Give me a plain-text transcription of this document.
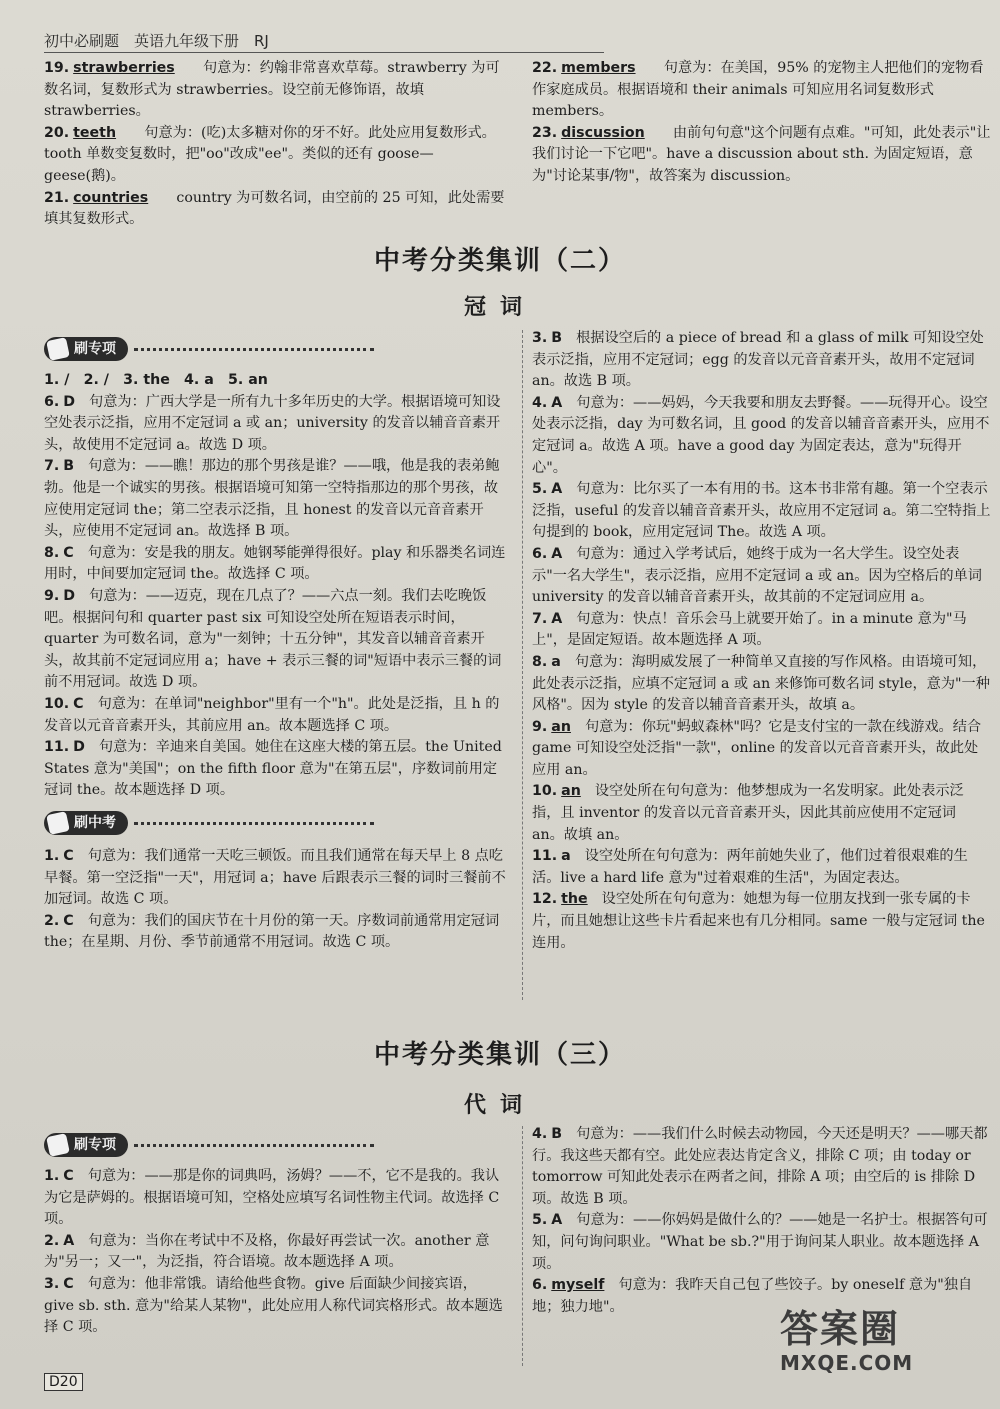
初中必刷题　英语九年级下册　RJ

19. strawberries　句意为：约翰非常喜欢草莓。strawberry 为可数名词，复数形式为 strawberries。设空前无修饰语，故填 strawberries。

20. teeth　句意为：(吃)太多糖对你的牙不好。此处应用复数形式。tooth 单数变复数时，把"oo"改成"ee"。类似的还有 goose—geese(鹅)。

21. countries　country 为可数名词，由空前的 25 可知，此处需要填其复数形式。

22. members　句意为：在美国，95% 的宠物主人把他们的宠物看作家庭成员。根据语境和 their animals 可知应用名词复数形式 members。

23. discussion　由前句句意"这个问题有点难。"可知，此处表示"让我们讨论一下它吧"。have a discussion about sth. 为固定短语，意为"讨论某事/物"，故答案为 discussion。

中考分类集训（二）
冠词
刷专项

1. /　2. /　3. the　4. a　5. an

6. D 句意为：广西大学是一所有九十多年历史的大学。根据语境可知设空处表示泛指，应用不定冠词 a 或 an；university 的发音以辅音音素开头，故使用不定冠词 a。故选 D 项。

7. B 句意为：——瞧！那边的那个男孩是谁？——哦，他是我的表弟鲍勃。他是一个诚实的男孩。根据语境可知第一空特指那边的那个男孩，故应使用定冠词 the；第二空表示泛指，且 honest 的发音以元音音素开头，应使用不定冠词 an。故选择 B 项。

8. C 句意为：安是我的朋友。她钢琴能弹得很好。play 和乐器类名词连用时，中间要加定冠词 the。故选择 C 项。

9. D 句意为：——迈克，现在几点了？——六点一刻。我们去吃晚饭吧。根据问句和 quarter past six 可知设空处所在短语表示时间，quarter 为可数名词，意为"一刻钟；十五分钟"，其发音以辅音音素开头，故其前不定冠词应用 a；have + 表示三餐的词"短语中表示三餐的词前不用冠词。故选 D 项。

10. C 句意为：在单词"neighbor"里有一个"h"。此处是泛指，且 h 的发音以元音音素开头，其前应用 an。故本题选择 C 项。

11. D 句意为：辛迪来自美国。她住在这座大楼的第五层。the United States 意为"美国"；on the fifth floor 意为"在第五层"，序数词前用定冠词 the。故本题选择 D 项。

刷中考

1. C 句意为：我们通常一天吃三顿饭。而且我们通常在每天早上 8 点吃早餐。第一空泛指"一天"，用冠词 a；have 后跟表示三餐的词时三餐前不加冠词。故选 C 项。

2. C 句意为：我们的国庆节在十月份的第一天。序数词前通常用定冠词 the；在星期、月份、季节前通常不用冠词。故选 C 项。

3. B 根据设空后的 a piece of bread 和 a glass of milk 可知设空处表示泛指，应用不定冠词；egg 的发音以元音音素开头，故用不定冠词 an。故选 B 项。

4. A 句意为：——妈妈，今天我要和朋友去野餐。——玩得开心。设空处表示泛指，day 为可数名词，且 good 的发音以辅音音素开头，应用不定冠词 a。故选 A 项。have a good day 为固定表达，意为"玩得开心"。

5. A 句意为：比尔买了一本有用的书。这本书非常有趣。第一个空表示泛指，useful 的发音以辅音音素开头，故应用不定冠词 a。第二空特指上句提到的 book，应用定冠词 The。故选 A 项。

6. A 句意为：通过入学考试后，她终于成为一名大学生。设空处表示"一名大学生"，表示泛指，应用不定冠词 a 或 an。因为空格后的单词 university 的发音以辅音音素开头，故其前的不定冠词应用 a。

7. A 句意为：快点！音乐会马上就要开始了。in a minute 意为"马上"，是固定短语。故本题选择 A 项。

8. a 句意为：海明威发展了一种简单又直接的写作风格。由语境可知，此处表示泛指，应填不定冠词 a 或 an 来修饰可数名词 style，意为"一种风格"。因为 style 的发音以辅音音素开头，故填 a。

9. an 句意为：你玩"蚂蚁森林"吗？它是支付宝的一款在线游戏。结合 game 可知设空处泛指"一款"，online 的发音以元音音素开头，故此处应用 an。

10. an 设空处所在句句意为：他梦想成为一名发明家。此处表示泛指，且 inventor 的发音以元音音素开头，因此其前应使用不定冠词 an。故填 an。

11. a 设空处所在句句意为：两年前她失业了，他们过着很艰难的生活。live a hard life 意为"过着艰难的生活"，为固定表达。

12. the 设空处所在句句意为：她想为每一位朋友找到一张专属的卡片，而且她想让这些卡片看起来也有几分相同。same 一般与定冠词 the 连用。

中考分类集训（三）
代词
刷专项

1. C 句意为：——那是你的词典吗，汤姆？——不，它不是我的。我认为它是萨姆的。根据语境可知，空格处应填写名词性物主代词。故选择 C 项。

2. A 句意为：当你在考试中不及格，你最好再尝试一次。another 意为"另一；又一"，为泛指，符合语境。故本题选择 A 项。

3. C 句意为：他非常饿。请给他些食物。give 后面缺少间接宾语，give sb. sth. 意为"给某人某物"，此处应用人称代词宾格形式。故本题选择 C 项。

4. B 句意为：——我们什么时候去动物园，今天还是明天？——哪天都行。我这些天都有空。此处应表达肯定含义，排除 C 项；由 today or tomorrow 可知此处表示在两者之间，排除 A 项；由空后的 is 排除 D 项。故选 B 项。

5. A 句意为：——你妈妈是做什么的？——她是一名护士。根据答句可知，问句询问职业。"What be sb.?"用于询问某人职业。故本题选择 A 项。

6. myself 句意为：我昨天自己包了些饺子。by oneself 意为"独自地；独力地"。

D20
答案圈
MXQE.COM
